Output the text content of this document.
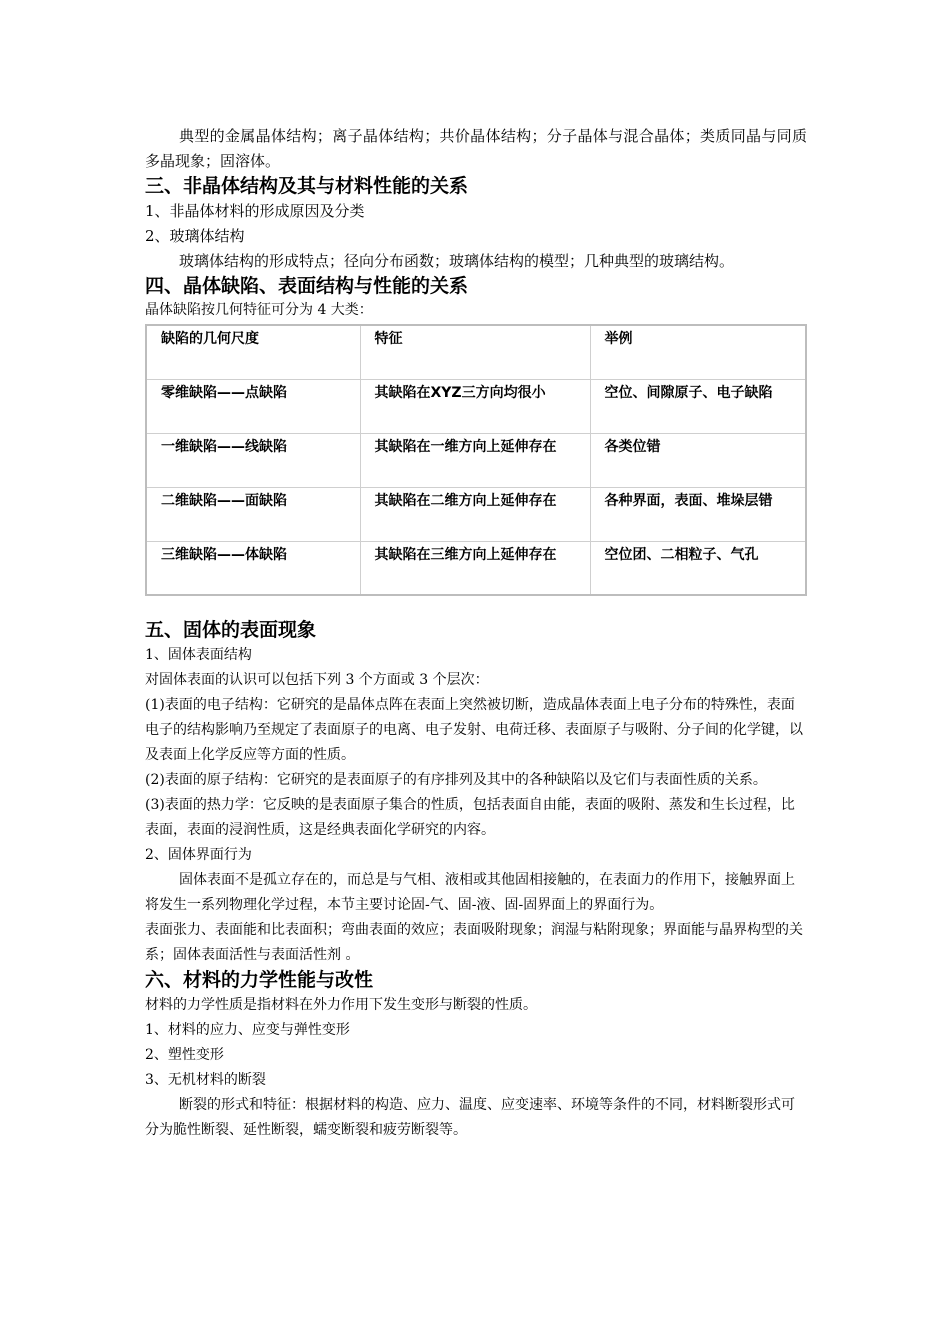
典型的金属晶体结构；离子晶体结构；共价晶体结构；分子晶体与混合晶体；类质同晶与同质多晶现象；固溶体。

三、非晶体结构及其与材料性能的关系

1、非晶体材料的形成原因及分类

2、玻璃体结构

玻璃体结构的形成特点；径向分布函数；玻璃体结构的模型；几种典型的玻璃结构。

四、晶体缺陷、表面结构与性能的关系

晶体缺陷按几何特征可分为 4 大类：

缺陷的几何尺度	特征	举例
零维缺陷——点缺陷	其缺陷在XYZ三方向均很小	空位、间隙原子、电子缺陷
一维缺陷——线缺陷	其缺陷在一维方向上延伸存在	各类位错
二维缺陷——面缺陷	其缺陷在二维方向上延伸存在	各种界面，表面、堆垛层错
三维缺陷——体缺陷	其缺陷在三维方向上延伸存在	空位团、二相粒子、气孔
五、固体的表面现象

1、固体表面结构

对固体表面的认识可以包括下列 3 个方面或 3 个层次：

(1)表面的电子结构：它研究的是晶体点阵在表面上突然被切断，造成晶体表面上电子分布的特殊性，表面电子的结构影响乃至规定了表面原子的电离、电子发射、电荷迁移、表面原子与吸附、分子间的化学键，以及表面上化学反应等方面的性质。

(2)表面的原子结构：它研究的是表面原子的有序排列及其中的各种缺陷以及它们与表面性质的关系。

(3)表面的热力学：它反映的是表面原子集合的性质，包括表面自由能，表面的吸附、蒸发和生长过程，比表面，表面的浸润性质，这是经典表面化学研究的内容。

2、固体界面行为

固体表面不是孤立存在的，而总是与气相、液相或其他固相接触的，在表面力的作用下，接触界面上将发生一系列物理化学过程，本节主要讨论固-气、固-液、固-固界面上的界面行为。

表面张力、表面能和比表面积；弯曲表面的效应；表面吸附现象；润湿与粘附现象；界面能与晶界构型的关系；固体表面活性与表面活性剂 。

六、材料的力学性能与改性

材料的力学性质是指材料在外力作用下发生变形与断裂的性质。

1、材料的应力、应变与弹性变形

2、塑性变形

3、无机材料的断裂

断裂的形式和特征：根据材料的构造、应力、温度、应变速率、环境等条件的不同，材料断裂形式可分为脆性断裂、延性断裂，蠕变断裂和疲劳断裂等。
